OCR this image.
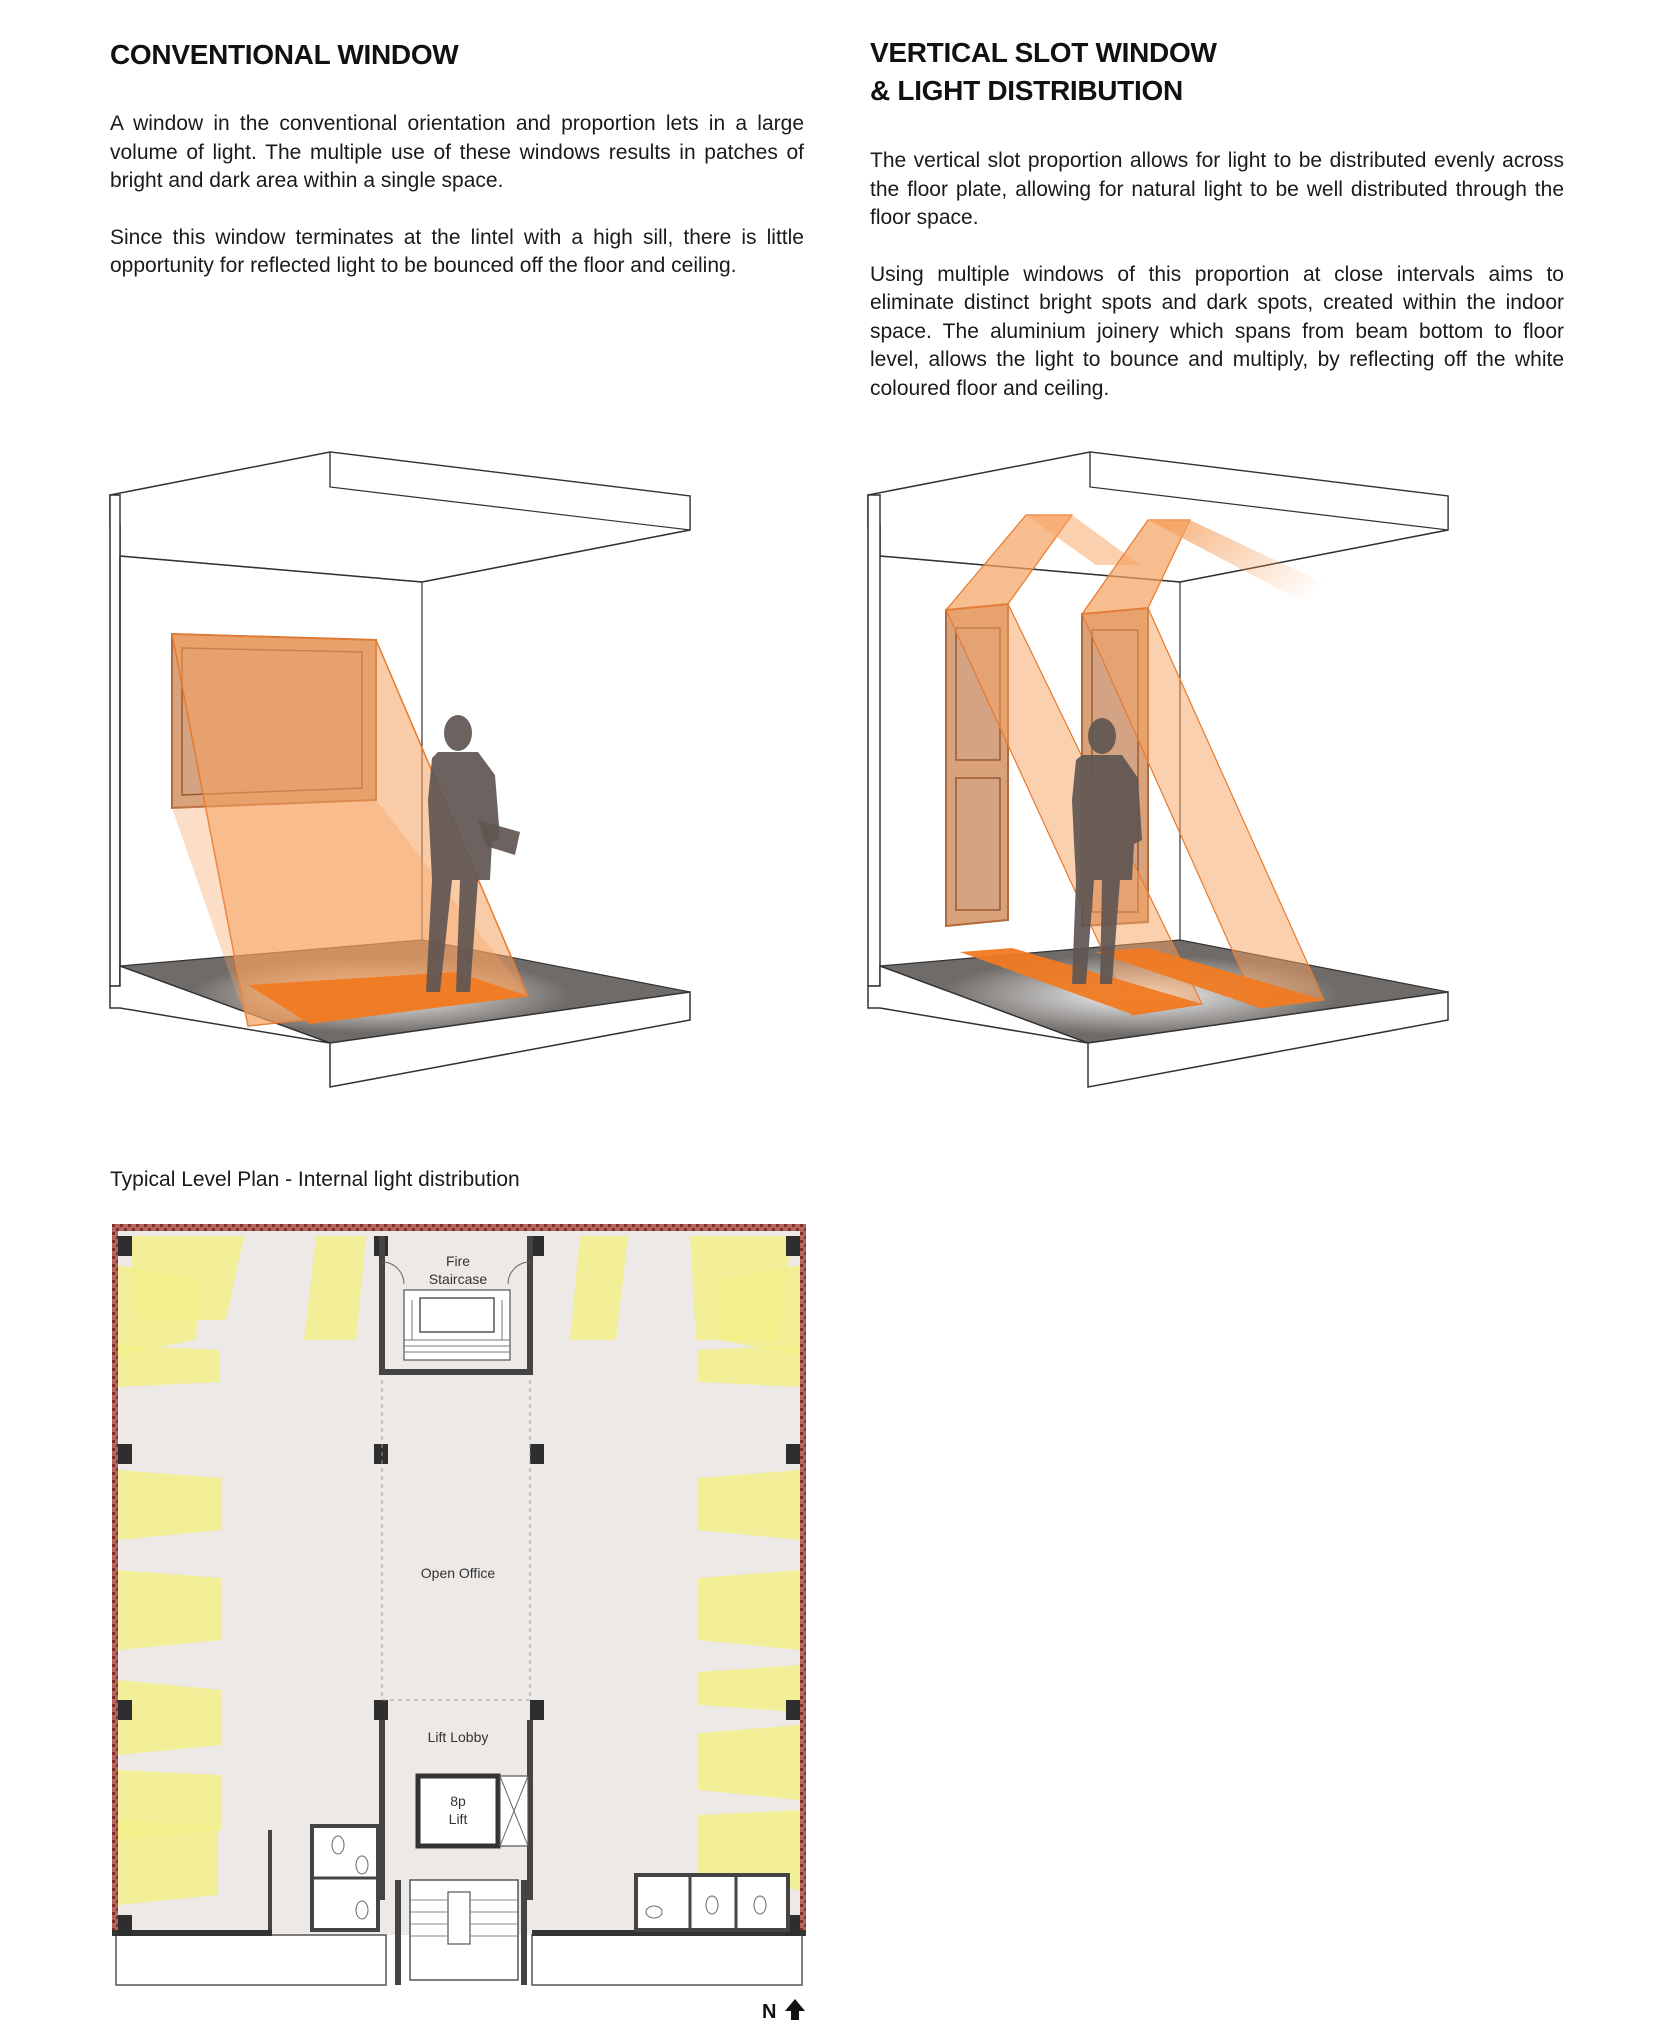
CONVENTIONAL WINDOW

A window in the conventional orientation and proportion lets in a large volume of light. The multiple use of these windows results in patches of bright and dark area within a single space.

Since this window terminates at the lintel with a high sill, there is little opportunity for reflected light to be bounced off the floor and ceiling.

VERTICAL SLOT WINDOW
& LIGHT DISTRIBUTION

The vertical slot proportion allows for light to be distributed evenly across the floor plate, allowing for natural light to be well distributed through the floor space.

Using multiple windows of this proportion at close intervals aims to eliminate distinct bright spots and dark spots, created within the indoor space. The aluminium joinery which spans from beam bottom to floor level, allows the light to bounce and multiply, by reflecting off the white coloured floor and ceiling.

Typical Level Plan - Internal light distribution
Fire
Staircase
Open Office
Lift Lobby
8p
Lift
N
